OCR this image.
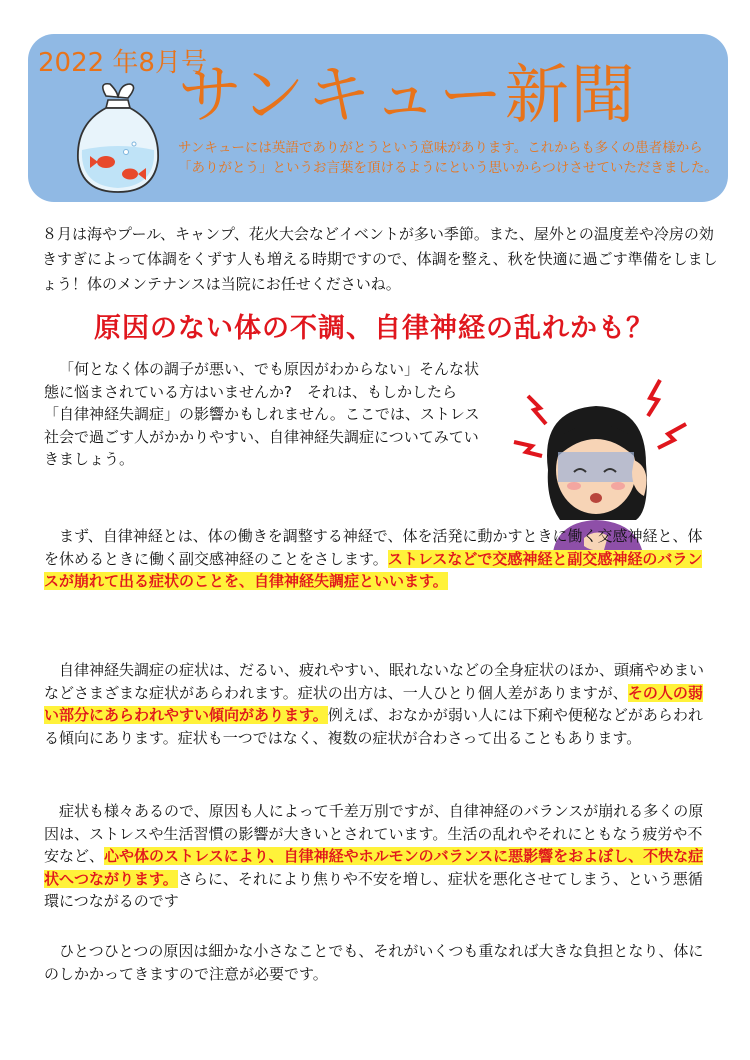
2022 年8月号
サンキュー新聞
サンキューには英語でありがとうという意味があります。これからも多くの患者様から「ありがとう」というお言葉を頂けるようにという思いからつけさせていただきました。

８月は海やプール、キャンプ、花火大会などイベントが多い季節。また、屋外との温度差や冷房の効きすぎによって体調をくずす人も増える時期ですので、体調を整え、秋を快適に過ごす準備をしましょう！体のメンテナンスは当院にお任せくださいね。

原因のない体の不調、自律神経の乱れかも？

「何となく体の調子が悪い、でも原因がわからない」そんな状態に悩まされている方はいませんか?　それは、もしかしたら「自律神経失調症」の影響かもしれません。ここでは、ストレス社会で過ごす人がかかりやすい、自律神経失調症についてみていきましょう。

まず、自律神経とは、体の働きを調整する神経で、体を活発に動かすときに働く交感神経と、体を休めるときに働く副交感神経のことをさします。ストレスなどで交感神経と副交感神経のバランスが崩れて出る症状のことを、自律神経失調症といいます。

自律神経失調症の症状は、だるい、疲れやすい、眠れないなどの全身症状のほか、頭痛やめまいなどさまざまな症状があらわれます。症状の出方は、一人ひとり個人差がありますが、その人の弱い部分にあらわれやすい傾向があります。例えば、おなかが弱い人には下痢や便秘などがあらわれる傾向にあります。症状も一つではなく、複数の症状が合わさって出ることもあります。

症状も様々あるので、原因も人によって千差万別ですが、自律神経のバランスが崩れる多くの原因は、ストレスや生活習慣の影響が大きいとされています。生活の乱れやそれにともなう疲労や不安など、心や体のストレスにより、自律神経やホルモンのバランスに悪影響をおよぼし、不快な症状へつながります。さらに、それにより焦りや不安を増し、症状を悪化させてしまう、という悪循環につながるのです

ひとつひとつの原因は細かな小さなことでも、それがいくつも重なれば大きな負担となり、体にのしかかってきますので注意が必要です。
